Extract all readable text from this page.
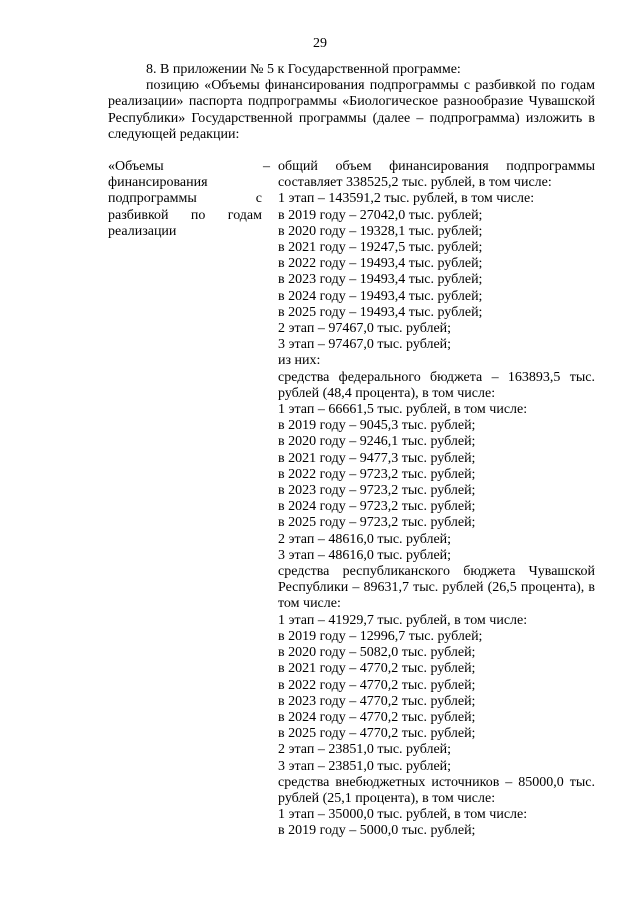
29

8. В приложении № 5 к Государственной программе:

позицию «Объемы финансирования подпрограммы с разбивкой по годам реализации» паспорта подпрограммы «Биологическое разнообразие Чувашской Республики» Государственной программы (далее – подпрограмма) изложить в следующей редакции:

«Объемы финансирования подпрограммы с разбивкой по годам реализации
– общий объем финансирования подпрограммы составляет 338525,2 тыс. рублей, в том числе:
1 этап – 143591,2 тыс. рублей, в том числе:
в 2019 году – 27042,0 тыс. рублей;
в 2020 году – 19328,1 тыс. рублей;
в 2021 году – 19247,5 тыс. рублей;
в 2022 году – 19493,4 тыс. рублей;
в 2023 году – 19493,4 тыс. рублей;
в 2024 году – 19493,4 тыс. рублей;
в 2025 году – 19493,4 тыс. рублей;
2 этап – 97467,0 тыс. рублей;
3 этап – 97467,0 тыс. рублей;
из них:
средства федерального бюджета – 163893,5 тыс. рублей (48,4 процента), в том числе:
1 этап – 66661,5 тыс. рублей, в том числе:
в 2019 году – 9045,3 тыс. рублей;
в 2020 году – 9246,1 тыс. рублей;
в 2021 году – 9477,3 тыс. рублей;
в 2022 году – 9723,2 тыс. рублей;
в 2023 году – 9723,2 тыс. рублей;
в 2024 году – 9723,2 тыс. рублей;
в 2025 году – 9723,2 тыс. рублей;
2 этап – 48616,0 тыс. рублей;
3 этап – 48616,0 тыс. рублей;
средства республиканского бюджета Чувашской Республики – 89631,7 тыс. рублей (26,5 процента), в том числе:
1 этап – 41929,7 тыс. рублей, в том числе:
в 2019 году – 12996,7 тыс. рублей;
в 2020 году – 5082,0 тыс. рублей;
в 2021 году – 4770,2 тыс. рублей;
в 2022 году – 4770,2 тыс. рублей;
в 2023 году – 4770,2 тыс. рублей;
в 2024 году – 4770,2 тыс. рублей;
в 2025 году – 4770,2 тыс. рублей;
2 этап – 23851,0 тыс. рублей;
3 этап – 23851,0 тыс. рублей;
средства внебюджетных источников – 85000,0 тыс. рублей (25,1 процента), в том числе:
1 этап – 35000,0 тыс. рублей, в том числе:
в 2019 году – 5000,0 тыс. рублей;
